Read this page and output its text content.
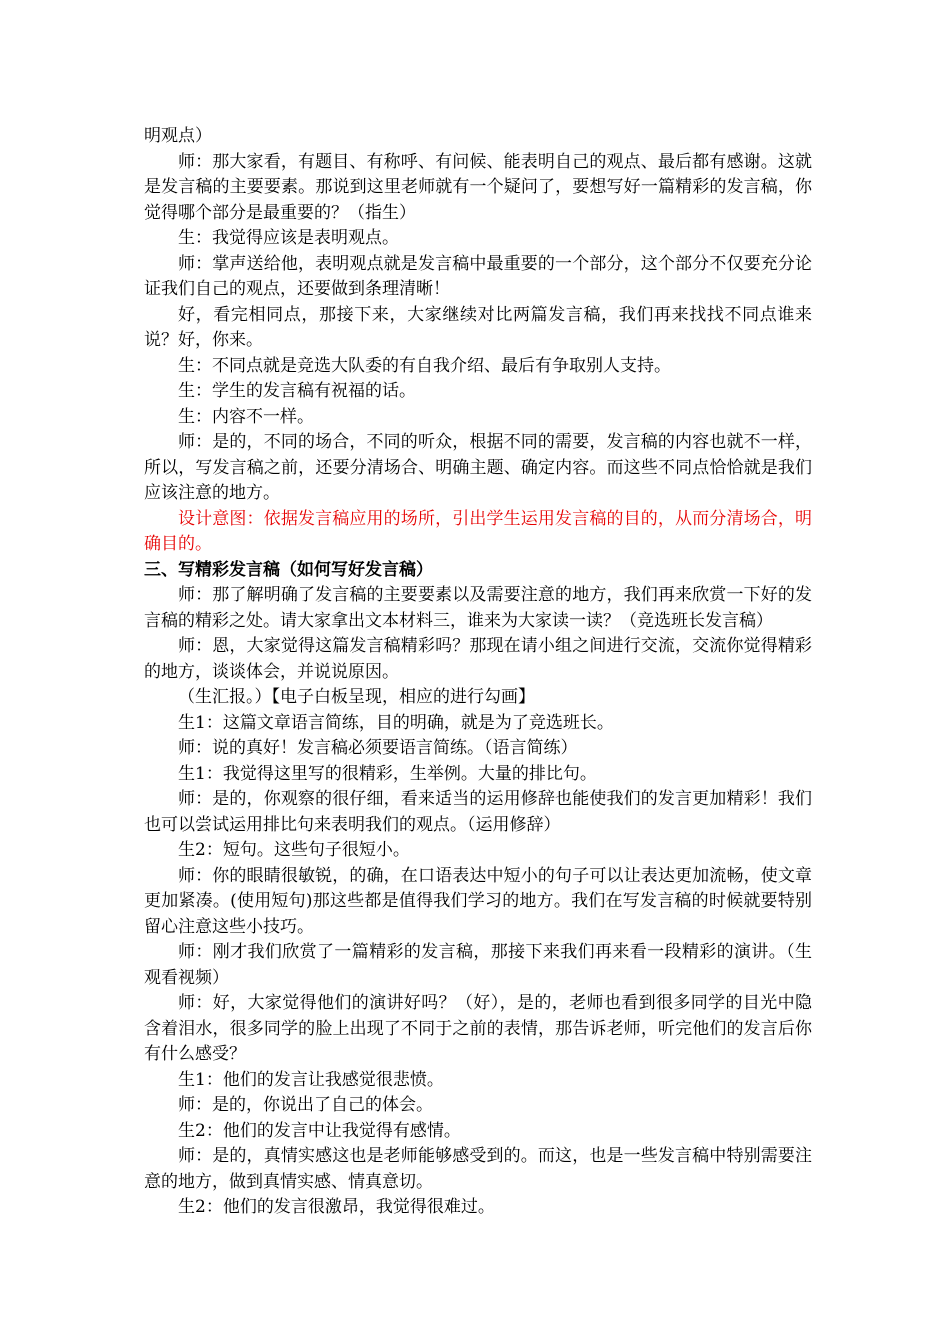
明观点）

师：那大家看，有题目、有称呼、有问候、能表明自己的观点、最后都有感谢。这就是发言稿的主要要素。那说到这里老师就有一个疑问了，要想写好一篇精彩的发言稿，你觉得哪个部分是最重要的？（指生）

生：我觉得应该是表明观点。

师：掌声送给他，表明观点就是发言稿中最重要的一个部分，这个部分不仅要充分论证我们自己的观点，还要做到条理清晰！

好，看完相同点，那接下来，大家继续对比两篇发言稿，我们再来找找不同点谁来说？好，你来。

生：不同点就是竞选大队委的有自我介绍、最后有争取别人支持。

生：学生的发言稿有祝福的话。

生：内容不一样。

师：是的，不同的场合，不同的听众，根据不同的需要，发言稿的内容也就不一样，所以，写发言稿之前，还要分清场合、明确主题、确定内容。而这些不同点恰恰就是我们应该注意的地方。

设计意图：依据发言稿应用的场所，引出学生运用发言稿的目的，从而分清场合，明确目的。

三、写精彩发言稿（如何写好发言稿）

师：那了解明确了发言稿的主要要素以及需要注意的地方，我们再来欣赏一下好的发言稿的精彩之处。请大家拿出文本材料三，谁来为大家读一读？（竞选班长发言稿）

师：恩，大家觉得这篇发言稿精彩吗？那现在请小组之间进行交流，交流你觉得精彩的地方，谈谈体会，并说说原因。

（生汇报。）【电子白板呈现，相应的进行勾画】

生1：这篇文章语言简练，目的明确，就是为了竞选班长。

师：说的真好！发言稿必须要语言简练。（语言简练）

生1：我觉得这里写的很精彩，生举例。大量的排比句。

师：是的，你观察的很仔细，看来适当的运用修辞也能使我们的发言更加精彩！我们也可以尝试运用排比句来表明我们的观点。（运用修辞）

生2：短句。这些句子很短小。

师：你的眼睛很敏锐，的确，在口语表达中短小的句子可以让表达更加流畅，使文章更加紧凑。(使用短句)那这些都是值得我们学习的地方。我们在写发言稿的时候就要特别留心注意这些小技巧。

师：刚才我们欣赏了一篇精彩的发言稿，那接下来我们再来看一段精彩的演讲。（生观看视频）

师：好，大家觉得他们的演讲好吗？（好），是的，老师也看到很多同学的目光中隐含着泪水，很多同学的脸上出现了不同于之前的表情，那告诉老师，听完他们的发言后你有什么感受？

生1：他们的发言让我感觉很悲愤。

师：是的，你说出了自己的体会。

生2：他们的发言中让我觉得有感情。

师：是的，真情实感这也是老师能够感受到的。而这，也是一些发言稿中特别需要注意的地方，做到真情实感、情真意切。

生2：他们的发言很激昂，我觉得很难过。
